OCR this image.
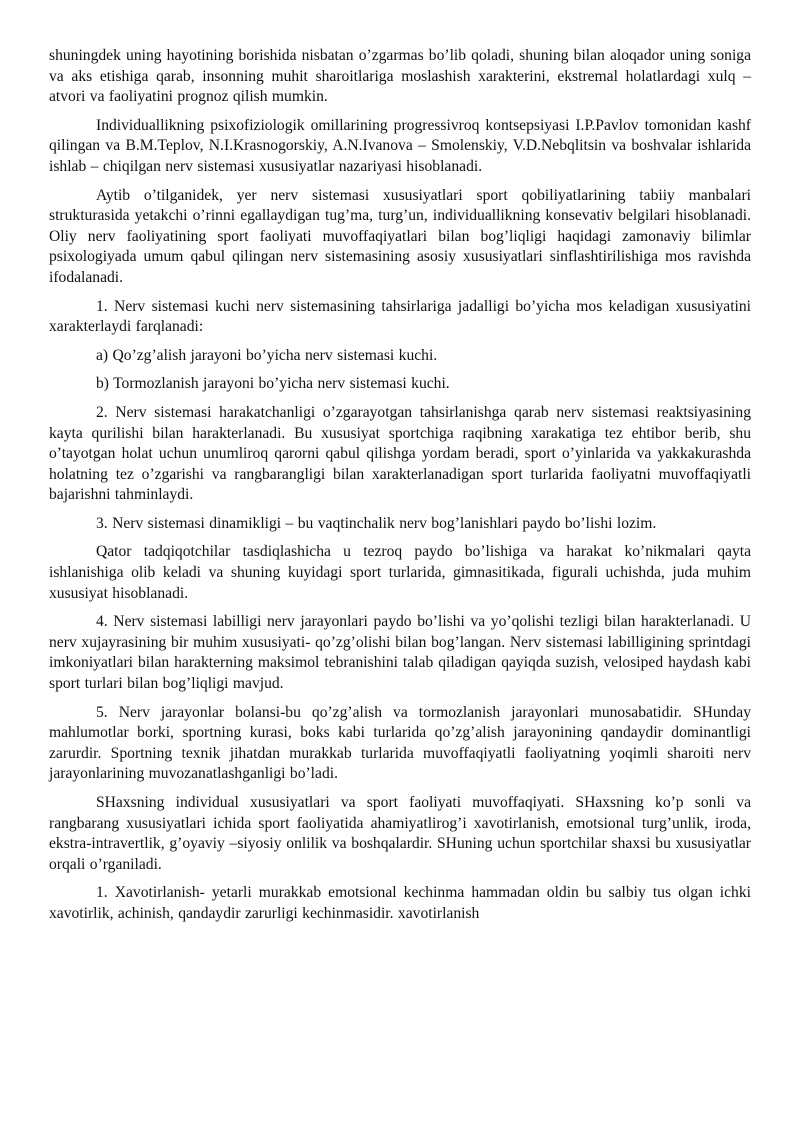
shuningdek uning hayotining borishida nisbatan o’zgarmas bo’lib qoladi, shuning bilan aloqador uning soniga va aks etishiga qarab, insonning muhit sharoitlariga moslashish xarakterini, ekstremal holatlardagi xulq – atvori va faoliyatini prognoz qilish mumkin.

Individuallikning psixofiziologik omillarining progressivroq kontsepsiyasi I.P.Pavlov tomonidan kashf qilingan va B.M.Teplov, N.I.Krasnogorskiy, A.N.Ivanova – Smolenskiy, V.D.Nebqlitsin va boshvalar ishlarida ishlab – chiqilgan nerv sistemasi xususiyatlar nazariyasi hisoblanadi.

Aytib o’tilganidek, yer nerv sistemasi xususiyatlari sport qobiliyatlarining tabiiy manbalari strukturasida yetakchi o’rinni egallaydigan tug’ma, turg’un, individuallikning konsevativ belgilari hisoblanadi. Oliy nerv faoliyatining sport faoliyati muvoffaqiyatlari bilan bog’liqligi haqidagi zamonaviy bilimlar psixologiyada umum qabul qilingan nerv sistemasining asosiy xususiyatlari sinflashtirilishiga mos ravishda ifodalanadi.

1. Nerv sistemasi kuchi nerv sistemasining tahsirlariga jadalligi bo’yicha mos keladigan xususiyatini xarakterlaydi farqlanadi:

a) Qo’zg’alish jarayoni bo’yicha nerv sistemasi kuchi.

b) Tormozlanish jarayoni bo’yicha nerv sistemasi kuchi.

2. Nerv sistemasi harakatchanligi o’zgarayotgan tahsirlanishga qarab nerv sistemasi reaktsiyasining kayta qurilishi bilan harakterlanadi. Bu xususiyat sportchiga raqibning xarakatiga tez ehtibor berib, shu o’tayotgan holat uchun unumliroq qarorni qabul qilishga yordam beradi, sport o’yinlarida va yakkakurashda holatning tez o’zgarishi va rangbarangligi bilan xarakterlanadigan sport turlarida faoliyatni muvoffaqiyatli bajarishni tahminlaydi.

3. Nerv sistemasi dinamikligi – bu vaqtinchalik nerv bog’lanishlari paydo bo’lishi lozim.

Qator tadqiqotchilar tasdiqlashicha u tezroq paydo bo’lishiga va harakat ko’nikmalari qayta ishlanishiga olib keladi va shuning kuyidagi sport turlarida, gimnasitikada, figurali uchishda, juda muhim xususiyat hisoblanadi.

4. Nerv sistemasi labilligi nerv jarayonlari paydo bo’lishi va yo’qolishi tezligi bilan harakterlanadi. U nerv xujayrasining bir muhim xususiyati- qo’zg’olishi bilan bog’langan. Nerv sistemasi labilligining sprintdagi imkoniyatlari bilan harakterning maksimol tebranishini talab qiladigan qayiqda suzish, velosiped haydash kabi sport turlari bilan bog’liqligi mavjud.

5. Nerv jarayonlar bolansi-bu qo’zg’alish va tormozlanish jarayonlari munosabatidir. SHunday mahlumotlar borki, sportning kurasi, boks kabi turlarida qo’zg’alish jarayonining qandaydir dominantligi zarurdir. Sportning texnik jihatdan murakkab turlarida muvoffaqiyatli faoliyatning yoqimli sharoiti nerv jarayonlarining muvozanatlashganligi bo’ladi.

SHaxsning individual xususiyatlari va sport faoliyati muvoffaqiyati. SHaxsning ko’p sonli va rangbarang xususiyatlari ichida sport faoliyatida ahamiyatlirog’i xavotirlanish, emotsional turg’unlik, iroda, ekstra-intravertlik, g’oyaviy –siyosiy onlilik va boshqalardir. SHuning uchun sportchilar shaxsi bu xususiyatlar orqali o’rganiladi.

1. Xavotirlanish- yetarli murakkab emotsional kechinma hammadan oldin bu salbiy tus olgan ichki xavotirlik, achinish, qandaydir zarurligi kechinmasidir. xavotirlanish
